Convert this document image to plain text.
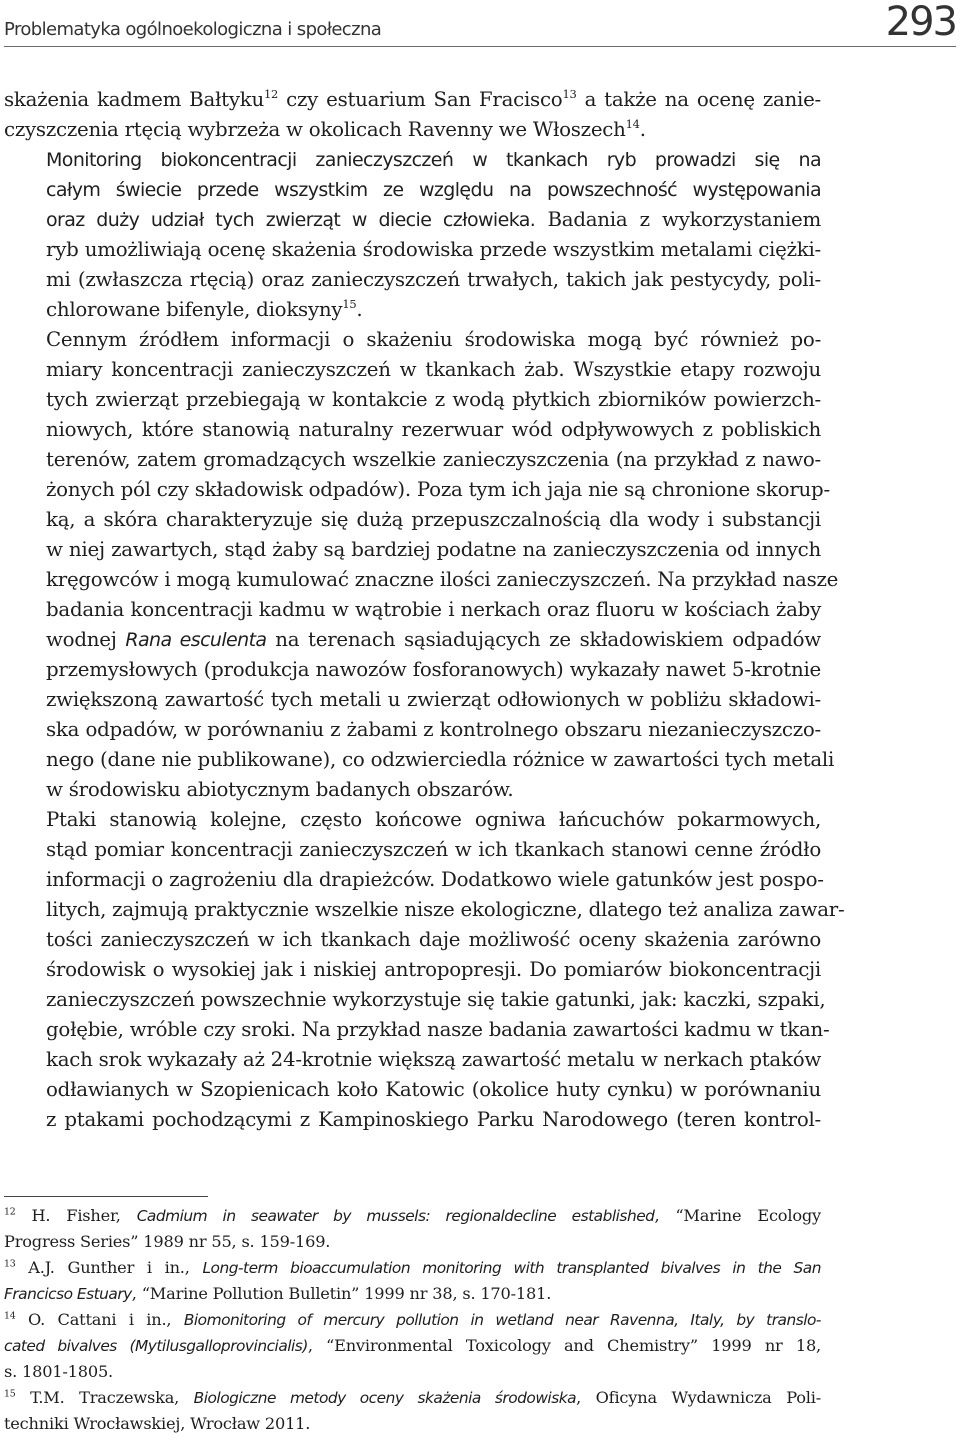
Problematyka ogólnoekologiczna i społeczna	293

skażenia kadmem Bałtyku$^{12}$ czy estuarium San Fracisco$^{13}$ a także na ocenę zanie-
czyszczenia rtęcią wybrzeża w okolicach Ravenny we Włoszech$^{14}$.

Monitoring biokoncentracji zanieczyszczeń w tkankach ryb prowadzi się na
całym świecie przede wszystkim ze względu na powszechność występowania
oraz duży udział tych zwierząt w diecie człowieka. Badania z wykorzystaniem
ryb umożliwiają ocenę skażenia środowiska przede wszystkim metalami ciężki-
mi (zwłaszcza rtęcią) oraz zanieczyszczeń trwałych, takich jak pestycydy, poli-
chlorowane bifenyle, dioksyny$^{15}$.

Cennym źródłem informacji o skażeniu środowiska mogą być również po-
miary koncentracji zanieczyszczeń w tkankach żab. Wszystkie etapy rozwoju
tych zwierząt przebiegają w kontakcie z wodą płytkich zbiorników powierzch-
niowych, które stanowią naturalny rezerwuar wód odpływowych z pobliskich
terenów, zatem gromadzących wszelkie zanieczyszczenia (na przykład z nawo-
żonych pól czy składowisk odpadów). Poza tym ich jaja nie są chronione skorup-
ką, a skóra charakteryzuje się dużą przepuszczalnością dla wody i substancji
w niej zawartych, stąd żaby są bardziej podatne na zanieczyszczenia od innych
kręgowców i mogą kumulować znaczne ilości zanieczyszczeń. Na przykład nasze
badania koncentracji kadmu w wątrobie i nerkach oraz fluoru w kościach żaby
wodnej Rana esculenta na terenach sąsiadujących ze składowiskiem odpadów
przemysłowych (produkcja nawozów fosforanowych) wykazały nawet 5-krotnie
zwiększoną zawartość tych metali u zwierząt odłowionych w pobliżu składowi-
ska odpadów, w porównaniu z żabami z kontrolnego obszaru niezanieczyszczo-
nego (dane nie publikowane), co odzwierciedla różnice w zawartości tych metali
w środowisku abiotycznym badanych obszarów.

Ptaki stanowią kolejne, często końcowe ogniwa łańcuchów pokarmowych,
stąd pomiar koncentracji zanieczyszczeń w ich tkankach stanowi cenne źródło
informacji o zagrożeniu dla drapieżców. Dodatkowo wiele gatunków jest pospo-
litych, zajmują praktycznie wszelkie nisze ekologiczne, dlatego też analiza zawar-
tości zanieczyszczeń w ich tkankach daje możliwość oceny skażenia zarówno
środowisk o wysokiej jak i niskiej antropopresji. Do pomiarów biokoncentracji
zanieczyszczeń powszechnie wykorzystuje się takie gatunki, jak: kaczki, szpaki,
gołębie, wróble czy sroki. Na przykład nasze badania zawartości kadmu w tkan-
kach srok wykazały aż 24-krotnie większą zawartość metalu w nerkach ptaków
odławianych w Szopienicach koło Katowic (okolice huty cynku) w porównaniu
z ptakami pochodzącymi z Kampinoskiego Parku Narodowego (teren kontrol-

$^{12}$ H. Fisher, Cadmium in seawater by mussels: regionaldecline established, “Marine Ecology
Progress Series” 1989 nr 55, s. 159-169.

$^{13}$ A.J. Gunther i in., Long-term bioaccumulation monitoring with transplanted bivalves in the San
Francicso Estuary, “Marine Pollution Bulletin” 1999 nr 38, s. 170-181.

$^{14}$ O. Cattani i in., Biomonitoring of mercury pollution in wetland near Ravenna, Italy, by translo-
cated bivalves (Mytilusgalloprovincialis), “Environmental Toxicology and Chemistry” 1999 nr 18,
s. 1801-1805.

$^{15}$ T.M. Traczewska, Biologiczne metody oceny skażenia środowiska, Oficyna Wydawnicza Poli-
techniki Wrocławskiej, Wrocław 2011.
